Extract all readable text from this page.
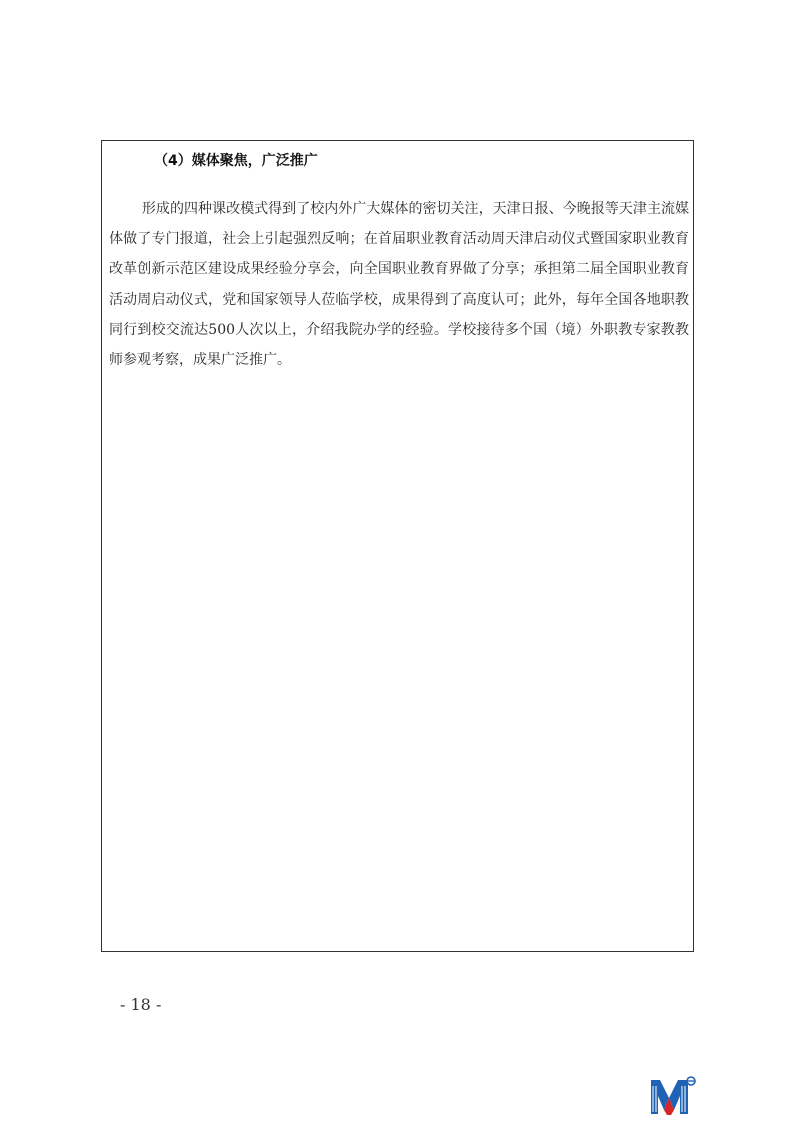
（4）媒体聚焦，广泛推广

形成的四种课改模式得到了校内外广大媒体的密切关注，天津日报、今晚报等天津主流媒体做了专门报道，社会上引起强烈反响；在首届职业教育活动周天津启动仪式暨国家职业教育改革创新示范区建设成果经验分享会，向全国职业教育界做了分享；承担第二届全国职业教育活动周启动仪式，党和国家领导人莅临学校，成果得到了高度认可；此外，每年全国各地职教同行到校交流达500人次以上，介绍我院办学的经验。学校接待多个国（境）外职教专家教教师参观考察，成果广泛推广。

- 18 -
